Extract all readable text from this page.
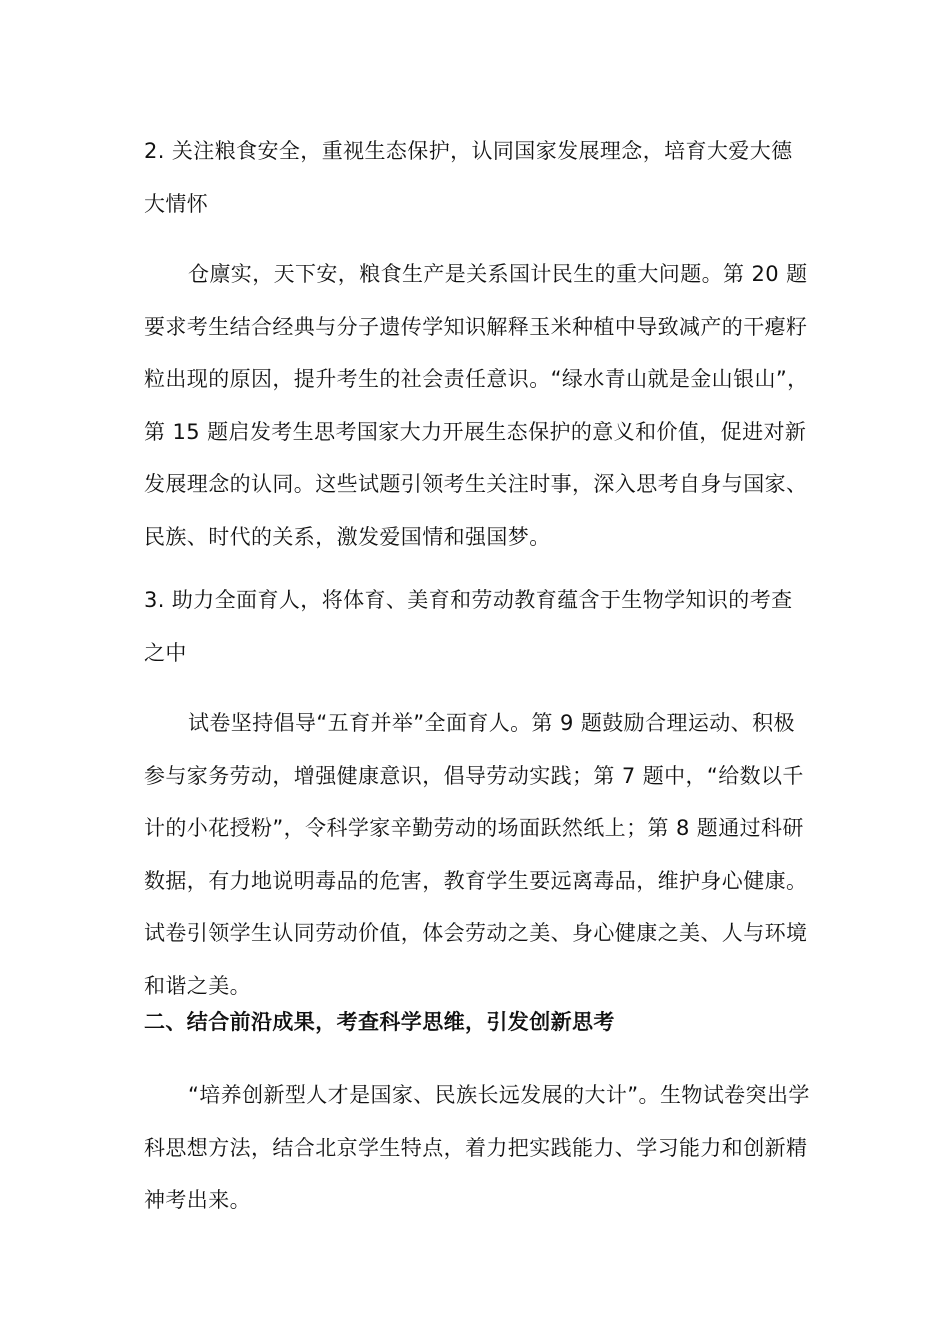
2. 关注粮食安全，重视生态保护，认同国家发展理念，培育大爱大德大情怀

仓廪实，天下安，粮食生产是关系国计民生的重大问题。第 20 题要求考生结合经典与分子遗传学知识解释玉米种植中导致减产的干瘪籽粒出现的原因，提升考生的社会责任意识。“绿水青山就是金山银山”，第 15 题启发考生思考国家大力开展生态保护的意义和价值，促进对新发展理念的认同。这些试题引领考生关注时事，深入思考自身与国家、民族、时代的关系，激发爱国情和强国梦。

3. 助力全面育人，将体育、美育和劳动教育蕴含于生物学知识的考查之中

试卷坚持倡导“五育并举”全面育人。第 9 题鼓励合理运动、积极参与家务劳动，增强健康意识，倡导劳动实践；第 7 题中，“给数以千计的小花授粉”，令科学家辛勤劳动的场面跃然纸上；第 8 题通过科研数据，有力地说明毒品的危害，教育学生要远离毒品，维护身心健康。试卷引领学生认同劳动价值，体会劳动之美、身心健康之美、人与环境和谐之美。

二、结合前沿成果，考查科学思维，引发创新思考

“培养创新型人才是国家、民族长远发展的大计”。生物试卷突出学科思想方法，结合北京学生特点，着力把实践能力、学习能力和创新精神考出来。
